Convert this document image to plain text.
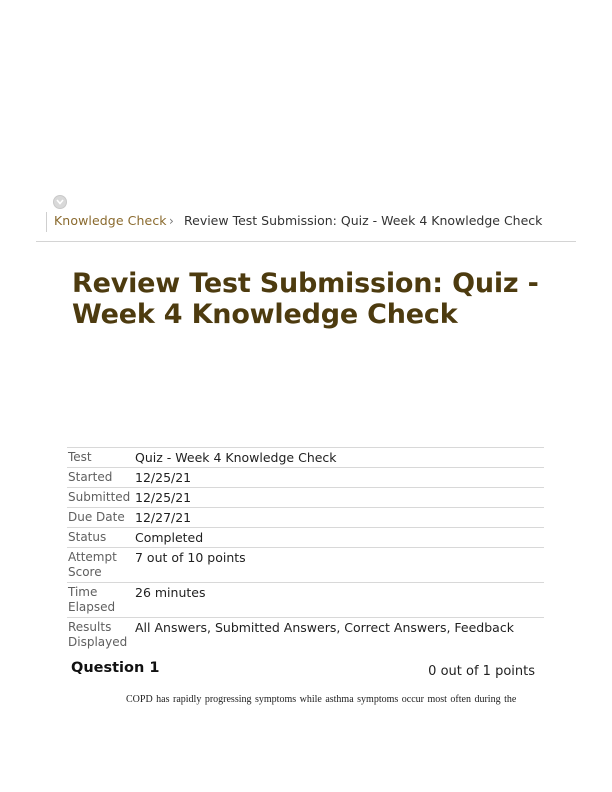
Knowledge Check › Review Test Submission: Quiz - Week 4 Knowledge Check
Review Test Submission: Quiz - Week 4 Knowledge Check
Test	Quiz - Week 4 Knowledge Check
Started	12/25/21
Submitted	12/25/21
Due Date	12/27/21
Status	Completed
Attempt Score	7 out of 10 points
Time Elapsed	26 minutes
Results Displayed	All Answers, Submitted Answers, Correct Answers, Feedback
Question 1	0 out of 1 points
COPD has rapidly progressing symptoms while asthma symptoms occur most often during the
